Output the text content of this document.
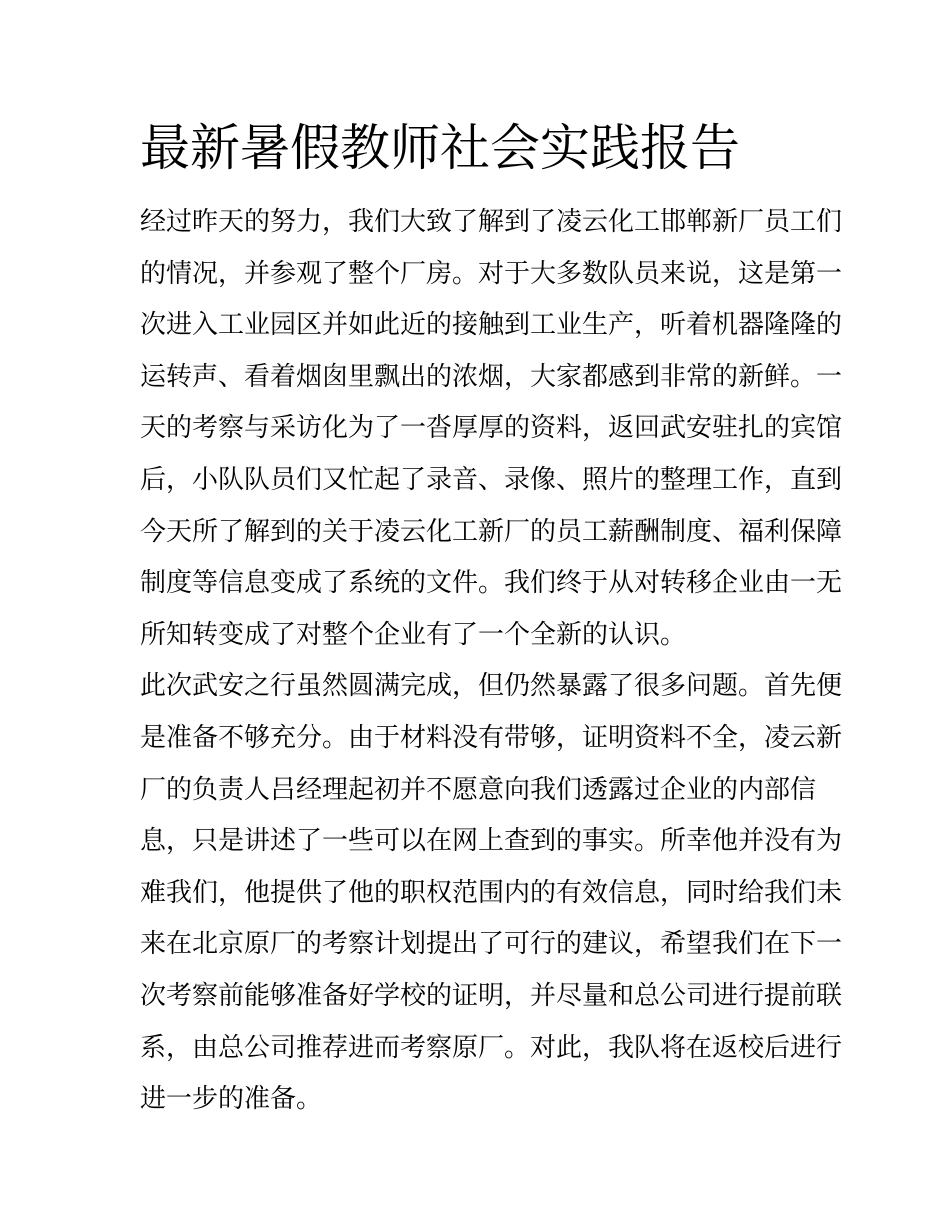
最新暑假教师社会实践报告

经过昨天的努力，我们大致了解到了凌云化工邯郸新厂员工们

的情况，并参观了整个厂房。对于大多数队员来说，这是第一

次进入工业园区并如此近的接触到工业生产，听着机器隆隆的

运转声、看着烟囱里飘出的浓烟，大家都感到非常的新鲜。一

天的考察与采访化为了一沓厚厚的资料，返回武安驻扎的宾馆

后，小队队员们又忙起了录音、录像、照片的整理工作，直到

今天所了解到的关于凌云化工新厂的员工薪酬制度、福利保障

制度等信息变成了系统的文件。我们终于从对转移企业由一无

所知转变成了对整个企业有了一个全新的认识。

此次武安之行虽然圆满完成，但仍然暴露了很多问题。首先便

是准备不够充分。由于材料没有带够，证明资料不全，凌云新

厂的负责人吕经理起初并不愿意向我们透露过企业的内部信

息，只是讲述了一些可以在网上查到的事实。所幸他并没有为

难我们，他提供了他的职权范围内的有效信息，同时给我们未

来在北京原厂的考察计划提出了可行的建议，希望我们在下一

次考察前能够准备好学校的证明，并尽量和总公司进行提前联

系，由总公司推荐进而考察原厂。对此，我队将在返校后进行

进一步的准备。
